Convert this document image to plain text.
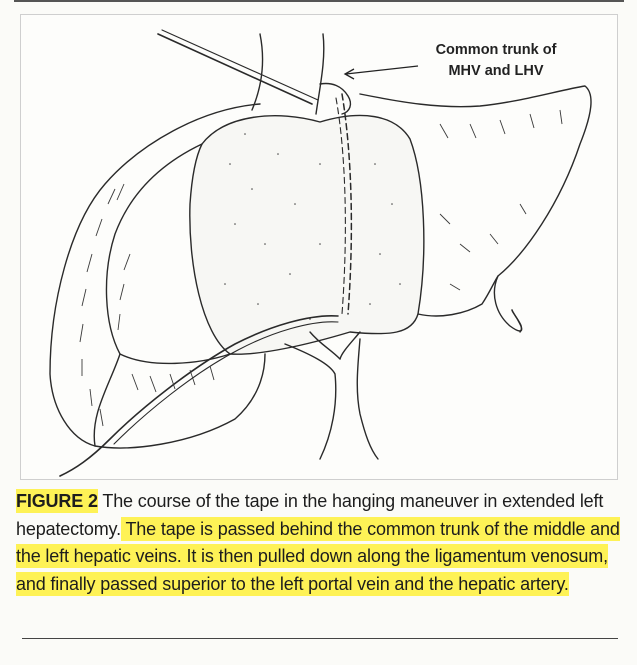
Common trunk of
MHV and LHV
FIGURE 2 The course of the tape in the hanging maneuver in extended left hepatectomy. The tape is passed behind the common trunk of the middle and the left hepatic veins. It is then pulled down along the ligamentum venosum, and finally passed superior to the left portal vein and the hepatic artery.
